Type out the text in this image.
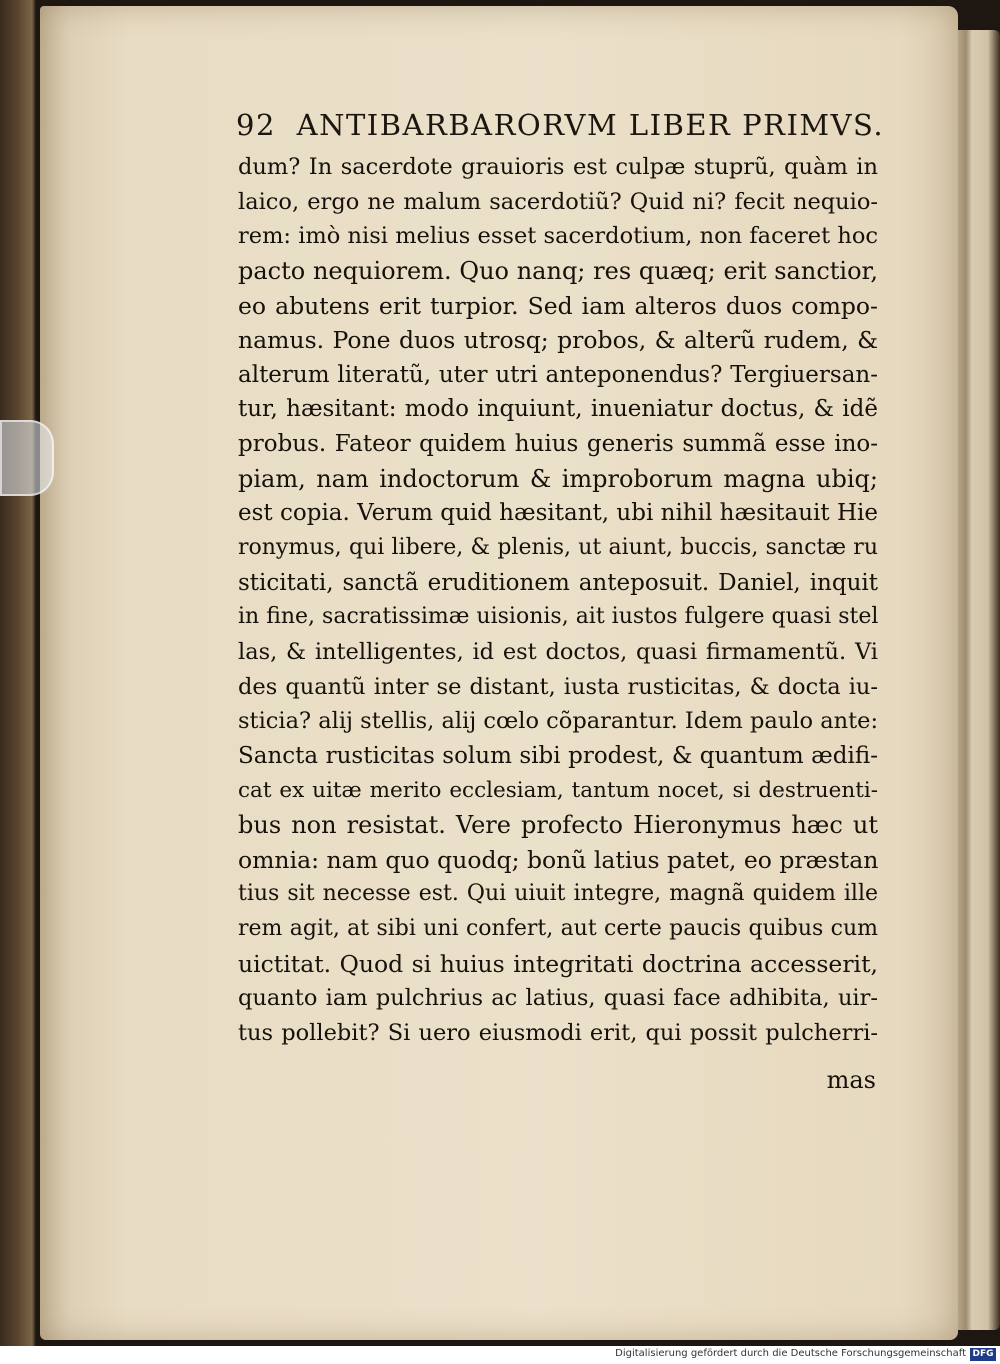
92 ANTIBARBARORVM LIBER PRIMVS.
dum? In sacerdote grauioris est culpæ stuprũ, quàm in
laico, ergo ne malum sacerdotiũ? Quid ni? fecit nequio-
rem: imò nisi melius esset sacerdotium, non faceret hoc
pacto nequiorem. Quo nanq; res quæq; erit sanctior,
eo abutens erit turpior. Sed iam alteros duos compo-
namus. Pone duos utrosq; probos, & alterũ rudem, &
alterum literatũ, uter utri anteponendus? Tergiuersan-
tur, hæsitant: modo inquiunt, inueniatur doctus, & idẽ
probus. Fateor quidem huius generis summã esse ino-
piam, nam indoctorum & improborum magna ubiq;
est copia. Verum quid hæsitant, ubi nihil hæsitauit Hie
ronymus, qui libere, & plenis, ut aiunt, buccis, sanctæ ru
sticitati, sanctã eruditionem anteposuit. Daniel, inquit
in fine, sacratissimæ uisionis, ait iustos fulgere quasi stel
las, & intelligentes, id est doctos, quasi firmamentũ. Vi
des quantũ inter se distant, iusta rusticitas, & docta iu-
sticia? alij stellis, alij cœlo cõparantur. Idem paulo ante:
Sancta rusticitas solum sibi prodest, & quantum ædifi-
cat ex uitæ merito ecclesiam, tantum nocet, si destruenti-
bus non resistat. Vere profecto Hieronymus hæc ut
omnia: nam quo quodq; bonũ latius patet, eo præstan
tius sit necesse est. Qui uiuit integre, magnã quidem ille
rem agit, at sibi uni confert, aut certe paucis quibus cum
uictitat. Quod si huius integritati doctrina accesserit,
quanto iam pulchrius ac latius, quasi face adhibita, uir-
tus pollebit? Si uero eiusmodi erit, qui possit pulcherri-
mas
Digitalisierung gefördert durch die Deutsche Forschungsgemeinschaft DFG
